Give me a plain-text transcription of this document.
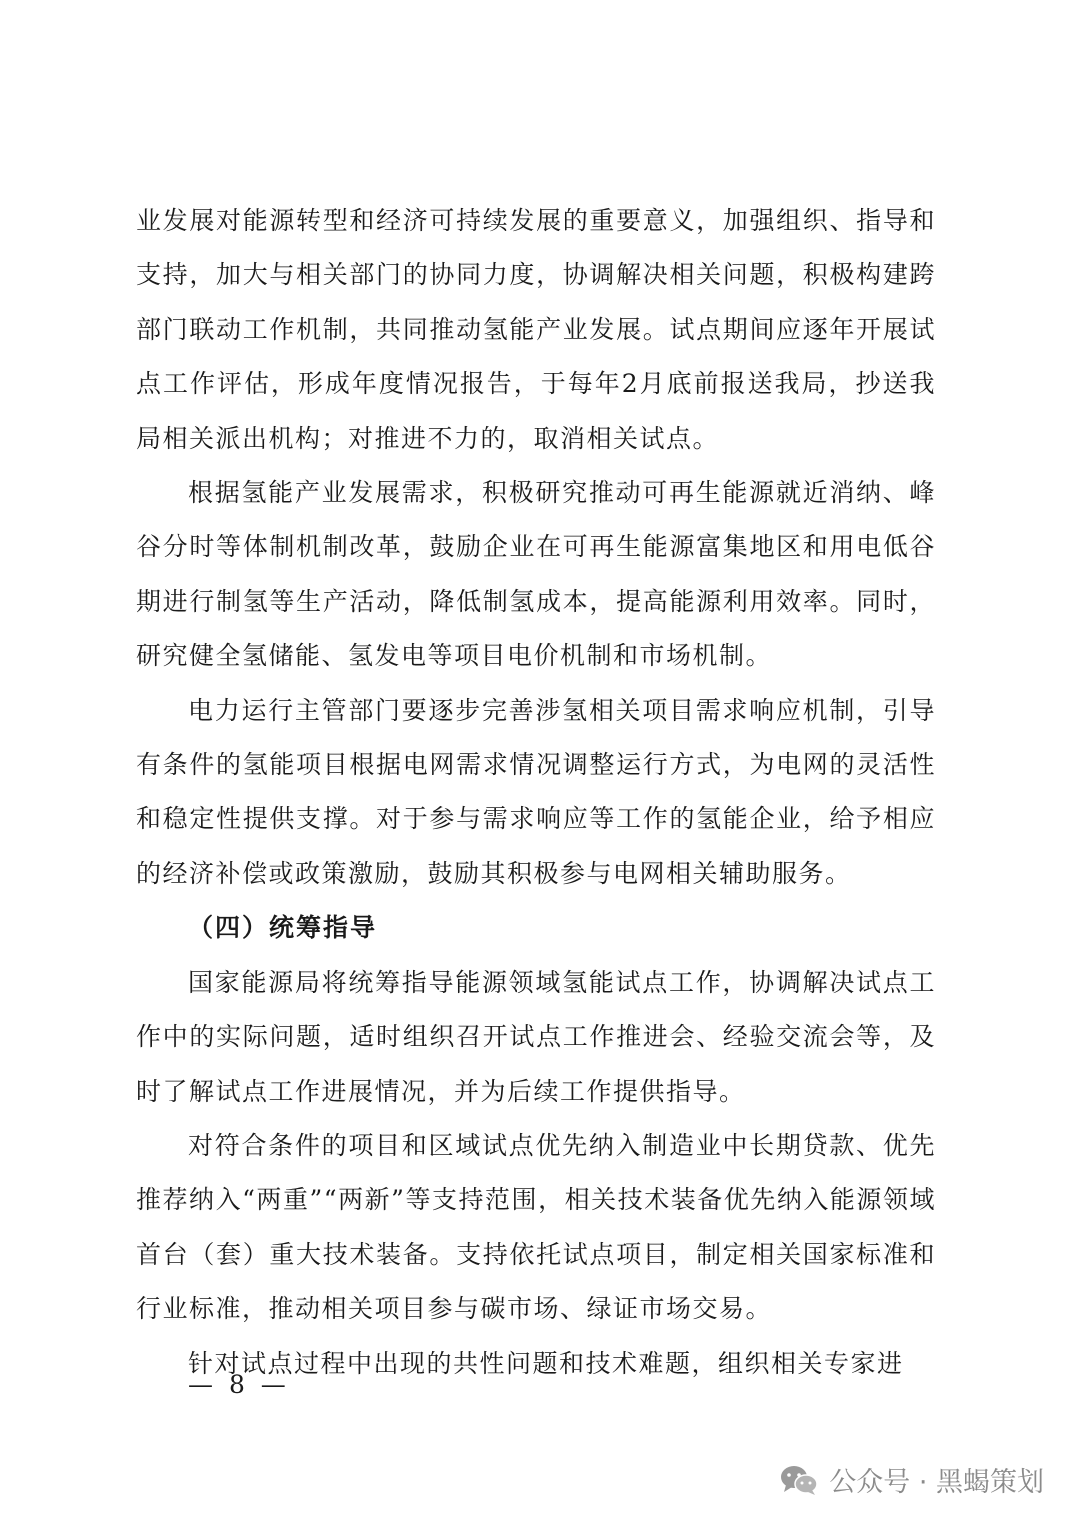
业发展对能源转型和经济可持续发展的重要意义，加强组织、指导和支持，加大与相关部门的协同力度，协调解决相关问题，积极构建跨部门联动工作机制，共同推动氢能产业发展。试点期间应逐年开展试点工作评估，形成年度情况报告，于每年2月底前报送我局，抄送我局相关派出机构；对推进不力的，取消相关试点。

根据氢能产业发展需求，积极研究推动可再生能源就近消纳、峰谷分时等体制机制改革，鼓励企业在可再生能源富集地区和用电低谷期进行制氢等生产活动，降低制氢成本，提高能源利用效率。同时，研究健全氢储能、氢发电等项目电价机制和市场机制。

电力运行主管部门要逐步完善涉氢相关项目需求响应机制，引导有条件的氢能项目根据电网需求情况调整运行方式，为电网的灵活性和稳定性提供支撑。对于参与需求响应等工作的氢能企业，给予相应的经济补偿或政策激励，鼓励其积极参与电网相关辅助服务。

（四）统筹指导

国家能源局将统筹指导能源领域氢能试点工作，协调解决试点工作中的实际问题，适时组织召开试点工作推进会、经验交流会等，及时了解试点工作进展情况，并为后续工作提供指导。

对符合条件的项目和区域试点优先纳入制造业中长期贷款、优先推荐纳入“两重”“两新”等支持范围，相关技术装备优先纳入能源领域首台（套）重大技术装备。支持依托试点项目，制定相关国家标准和行业标准，推动相关项目参与碳市场、绿证市场交易。

针对试点过程中出现的共性问题和技术难题，组织相关专家进

— 8 —
公众号 · 黑蝎策划
